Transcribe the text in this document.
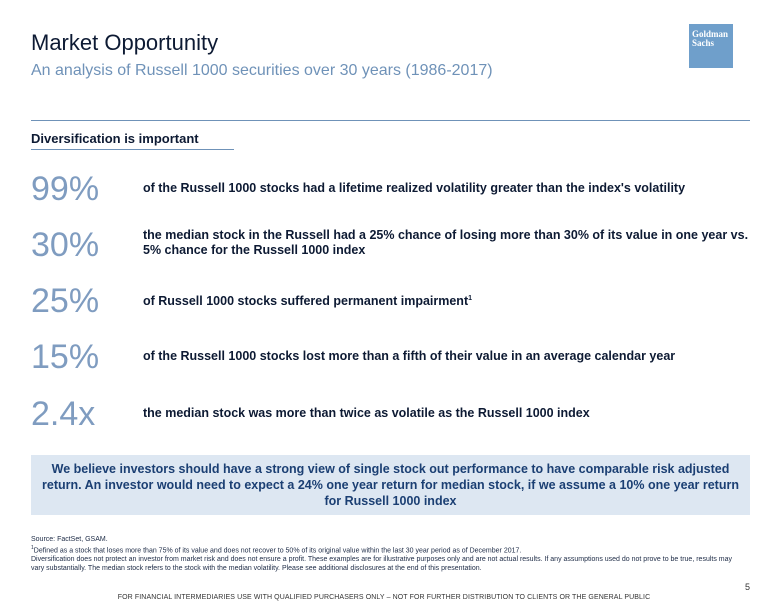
Market Opportunity
An analysis of Russell 1000 securities over 30 years (1986-2017)
Goldman
Sachs
Diversification is important
99%	of the Russell 1000 stocks had a lifetime realized volatility greater than the index's volatility
30%	the median stock in the Russell had a 25% chance of losing more than 30% of its value in one year vs. 5% chance for the Russell 1000 index
25%	of Russell 1000 stocks suffered permanent impairment$^1$
15%	of the Russell 1000 stocks lost more than a fifth of their value in an average calendar year
2.4x	the median stock was more than twice as volatile as the Russell 1000 index
We believe investors should have a strong view of single stock out performance to have comparable risk adjusted return. An investor would need to expect a 24% one year return for median stock, if we assume a 10% one year return for Russell 1000 index

Source: FactSet, GSAM.

$^1$Defined as a stock that loses more than 75% of its value and does not recover to 50% of its original value within the last 30 year period as of December 2017.

Diversification does not protect an investor from market risk and does not ensure a profit. These examples are for illustrative purposes only and are not actual results. If any assumptions used do not prove to be true, results may vary substantially. The median stock refers to the stock with the median volatility. Please see additional disclosures at the end of this presentation.

5
FOR FINANCIAL INTERMEDIARIES USE WITH QUALIFIED PURCHASERS ONLY – NOT FOR FURTHER DISTRIBUTION TO CLIENTS OR THE GENERAL PUBLIC
